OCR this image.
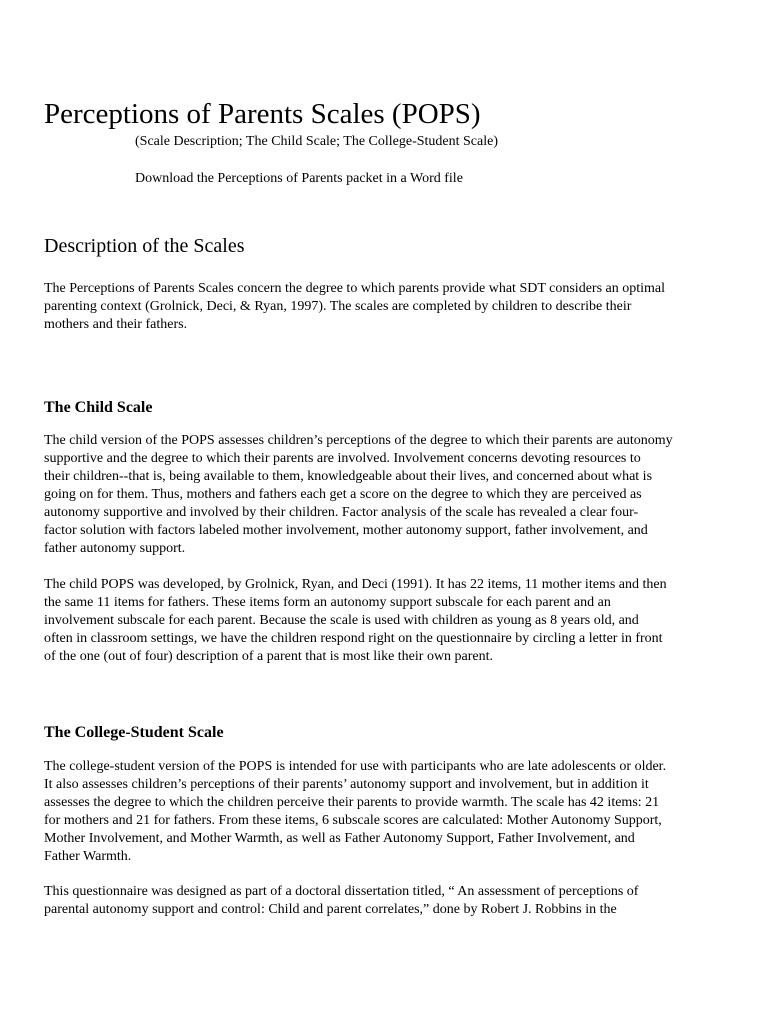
Perceptions of Parents Scales (POPS)

(Scale Description; The Child Scale; The College-Student Scale)

Download the Perceptions of Parents packet in a Word file

Description of the Scales
The Perceptions of Parents Scales concern the degree to which parents provide what SDT considers an optimal
parenting context (Grolnick, Deci, & Ryan, 1997). The scales are completed by children to describe their
mothers and their fathers.
The Child Scale
The child version of the POPS assesses children’s perceptions of the degree to which their parents are autonomy
supportive and the degree to which their parents are involved. Involvement concerns devoting resources to
their children--that is, being available to them, knowledgeable about their lives, and concerned about what is
going on for them. Thus, mothers and fathers each get a score on the degree to which they are perceived as
autonomy supportive and involved by their children. Factor analysis of the scale has revealed a clear four-
factor solution with factors labeled mother involvement, mother autonomy support, father involvement, and
father autonomy support.
The child POPS was developed, by Grolnick, Ryan, and Deci (1991). It has 22 items, 11 mother items and then
the same 11 items for fathers. These items form an autonomy support subscale for each parent and an
involvement subscale for each parent. Because the scale is used with children as young as 8 years old, and
often in classroom settings, we have the children respond right on the questionnaire by circling a letter in front
of the one (out of four) description of a parent that is most like their own parent.
The College-Student Scale
The college-student version of the POPS is intended for use with participants who are late adolescents or older.
It also assesses children’s perceptions of their parents’ autonomy support and involvement, but in addition it
assesses the degree to which the children perceive their parents to provide warmth. The scale has 42 items: 21
for mothers and 21 for fathers. From these items, 6 subscale scores are calculated: Mother Autonomy Support,
Mother Involvement, and Mother Warmth, as well as Father Autonomy Support, Father Involvement, and
Father Warmth.
This questionnaire was designed as part of a doctoral dissertation titled, “ An assessment of perceptions of
parental autonomy support and control: Child and parent correlates,” done by Robert J. Robbins in the
